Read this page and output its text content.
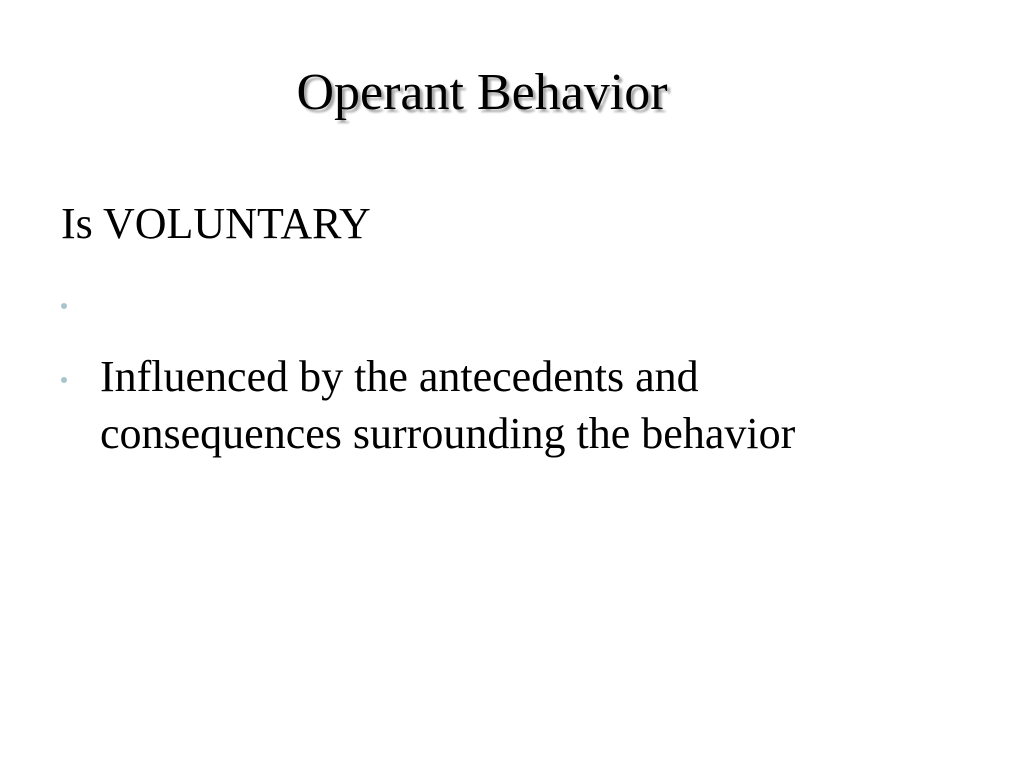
Operant Behavior
Is VOLUNTARY
Influenced by the antecedents and
consequences surrounding the behavior
